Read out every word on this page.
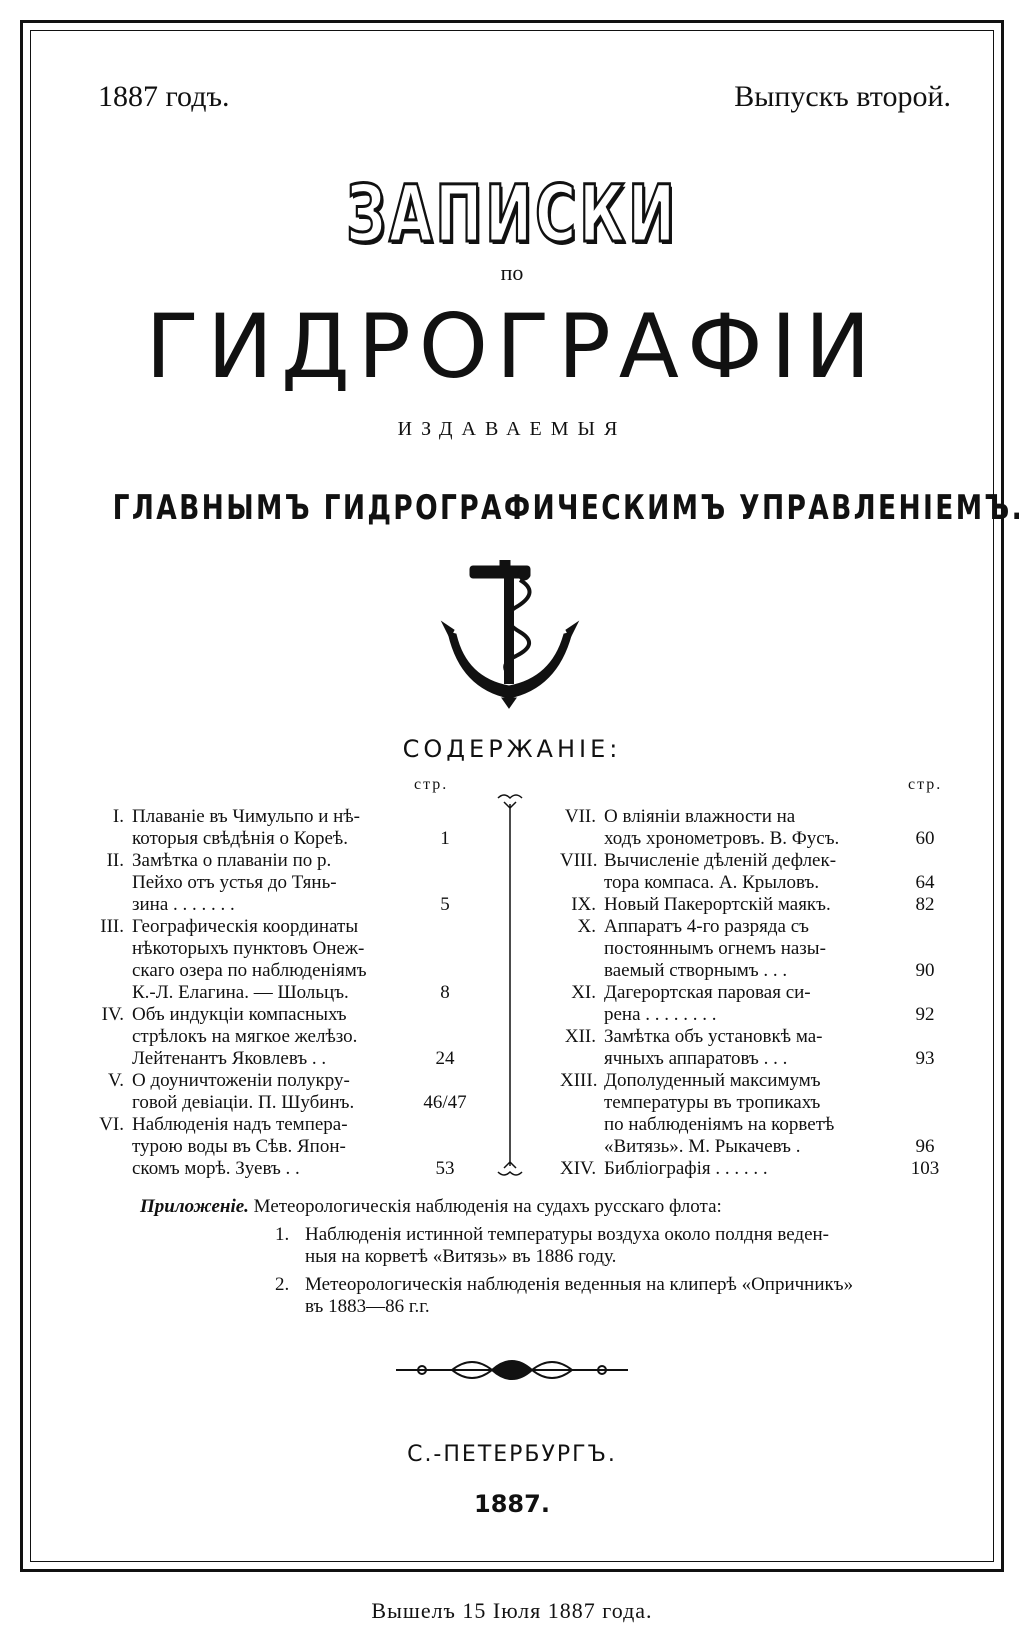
1887 годъ.	Выпускъ второй.
ЗАПИСКИ
по
ГИДРОГРАФІИ
ИЗДАВАЕМЫЯ
ГЛАВНЫМЪ ГИДРОГРАФИЧЕСКИМЪ УПРАВЛЕНІЕМЪ.
СОДЕРЖАНІЕ:
стр.	стр.
I. Плаваніе въ Чимульпо и нѣ-
которыя свѣдѣнія о Кореѣ.	1
II. Замѣтка о плаваніи по р.
Пейхо отъ устья до Тянь-
зина . . . . . . .	5
III. Географическія координаты
нѣкоторыхъ пунктовъ Онеж-
скаго озера по наблюденіямъ
К.-Л. Елагина. — Шольцъ.	8
IV. Объ индукціи компасныхъ
стрѣлокъ на мягкое желѣзо.
Лейтенантъ Яковлевъ . .	24
V. О доуничтоженіи полукру-
говой девіаціи. П. Шубинъ.	46/47
VI. Наблюденія надъ темпера-
турою воды въ Сѣв. Япон-
скомъ морѣ. Зуевъ . .	53
VII. О вліяніи влажности на
ходъ хронометровъ. В. Фусъ.	60
VIII. Вычисленіе дѣленій дефлек-
тора компаса. А. Крыловъ.	64
IX. Новый Пакерортскій маякъ.	82
X. Аппаратъ 4-го разряда съ
постояннымъ огнемъ назы-
ваемый створнымъ . . .	90
XI. Дагерортская паровая си-
рена . . . . . . . .	92
XII. Замѣтка объ установкѣ ма-
ячныхъ аппаратовъ . . .	93
XIII. Дополуденный максимумъ
температуры въ тропикахъ
по наблюденіямъ на корветѣ
«Витязь». М. Рыкачевъ .	96
XIV. Библіографія . . . . . .	103
Приложеніе. Метеорологическія наблюденія на судахъ русскаго флота:
1. Наблюденія истинной температуры воздуха около полдня веден-
ныя на корветѣ «Витязь» въ 1886 году.
2. Метеорологическія наблюденія веденныя на клиперѣ «Опричникъ»
въ 1883—86 г.г.
С.-ПЕТЕРБУРГЪ.
1887.
Вышелъ 15 Іюля 1887 года.
